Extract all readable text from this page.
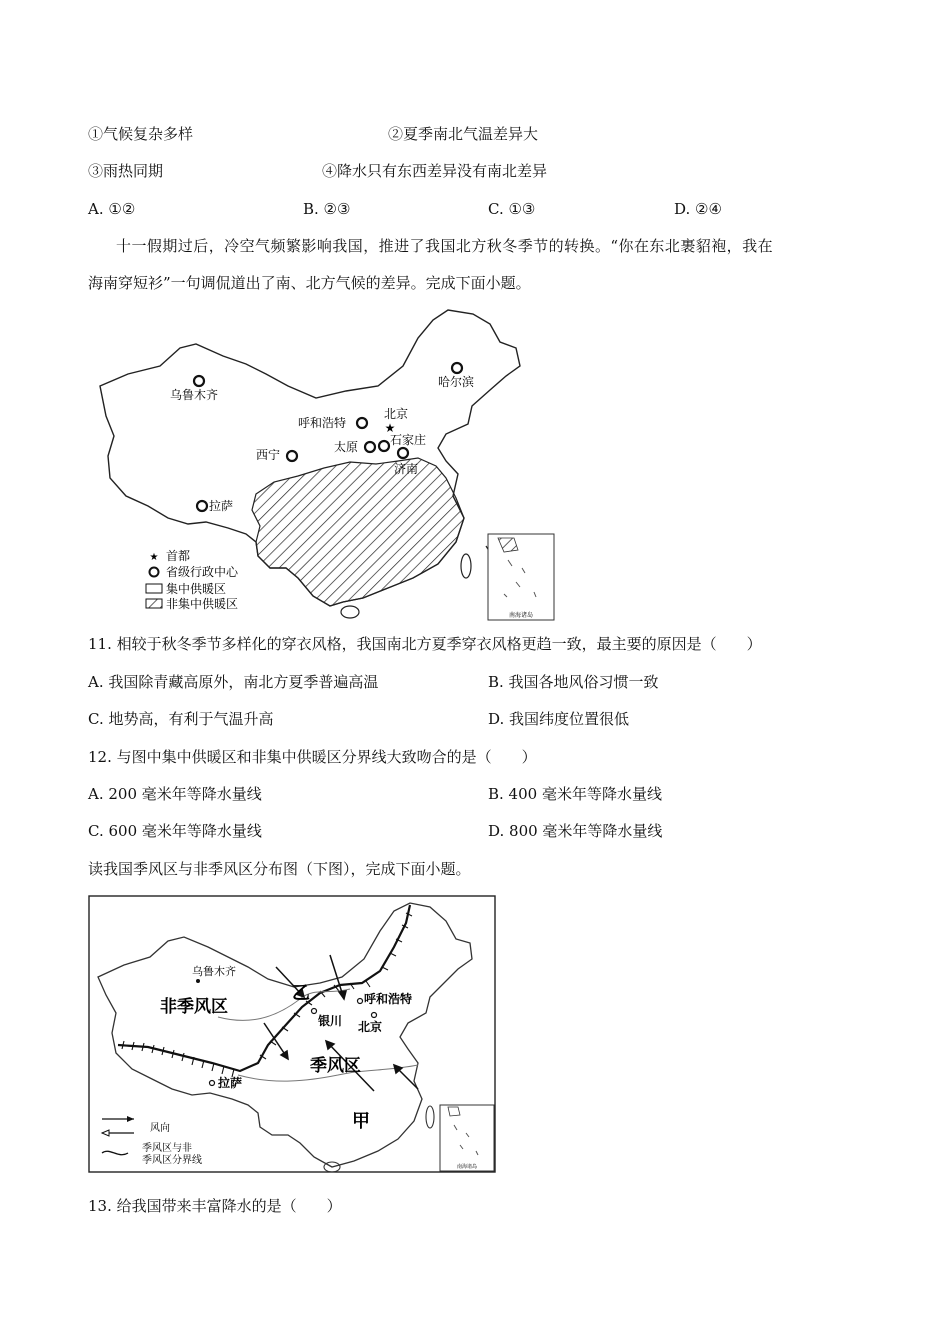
①气候复杂多样	②夏季南北气温差异大
③雨热同期	④降水只有东西差异没有南北差异
A. ①②	B. ②③	C. ①③	D. ②④
十一假期过后，冷空气频繁影响我国，推进了我国北方秋冬季节的转换。“你在东北裹貂袍，我在
海南穿短衫”一句调侃道出了南、北方气候的差异。完成下面小题。
★
乌鲁木齐
哈尔滨
呼和浩特
北京
太原	石家庄
济南
西宁
拉萨
★ 首都
省级行政中心
集中供暖区
非集中供暖区
南海诸岛
11. 相较于秋冬季节多样化的穿衣风格，我国南北方夏季穿衣风格更趋一致，最主要的原因是（　　）
A. 我国除青藏高原外，南北方夏季普遍高温	B. 我国各地风俗习惯一致
C. 地势高，有利于气温升高	D. 我国纬度位置很低
12. 与图中集中供暖区和非集中供暖区分界线大致吻合的是（　　）
A. 200 毫米年等降水量线	B. 400 毫米年等降水量线
C. 600 毫米年等降水量线	D. 800 毫米年等降水量线
读我国季风区与非季风区分布图（下图），完成下面小题。
乌鲁木齐
呼和浩特
银川 北京
拉萨
非季风区
季风区
乙
甲
风向
季风区与非
季风区分界线
南海诸岛
13. 给我国带来丰富降水的是（　　）
